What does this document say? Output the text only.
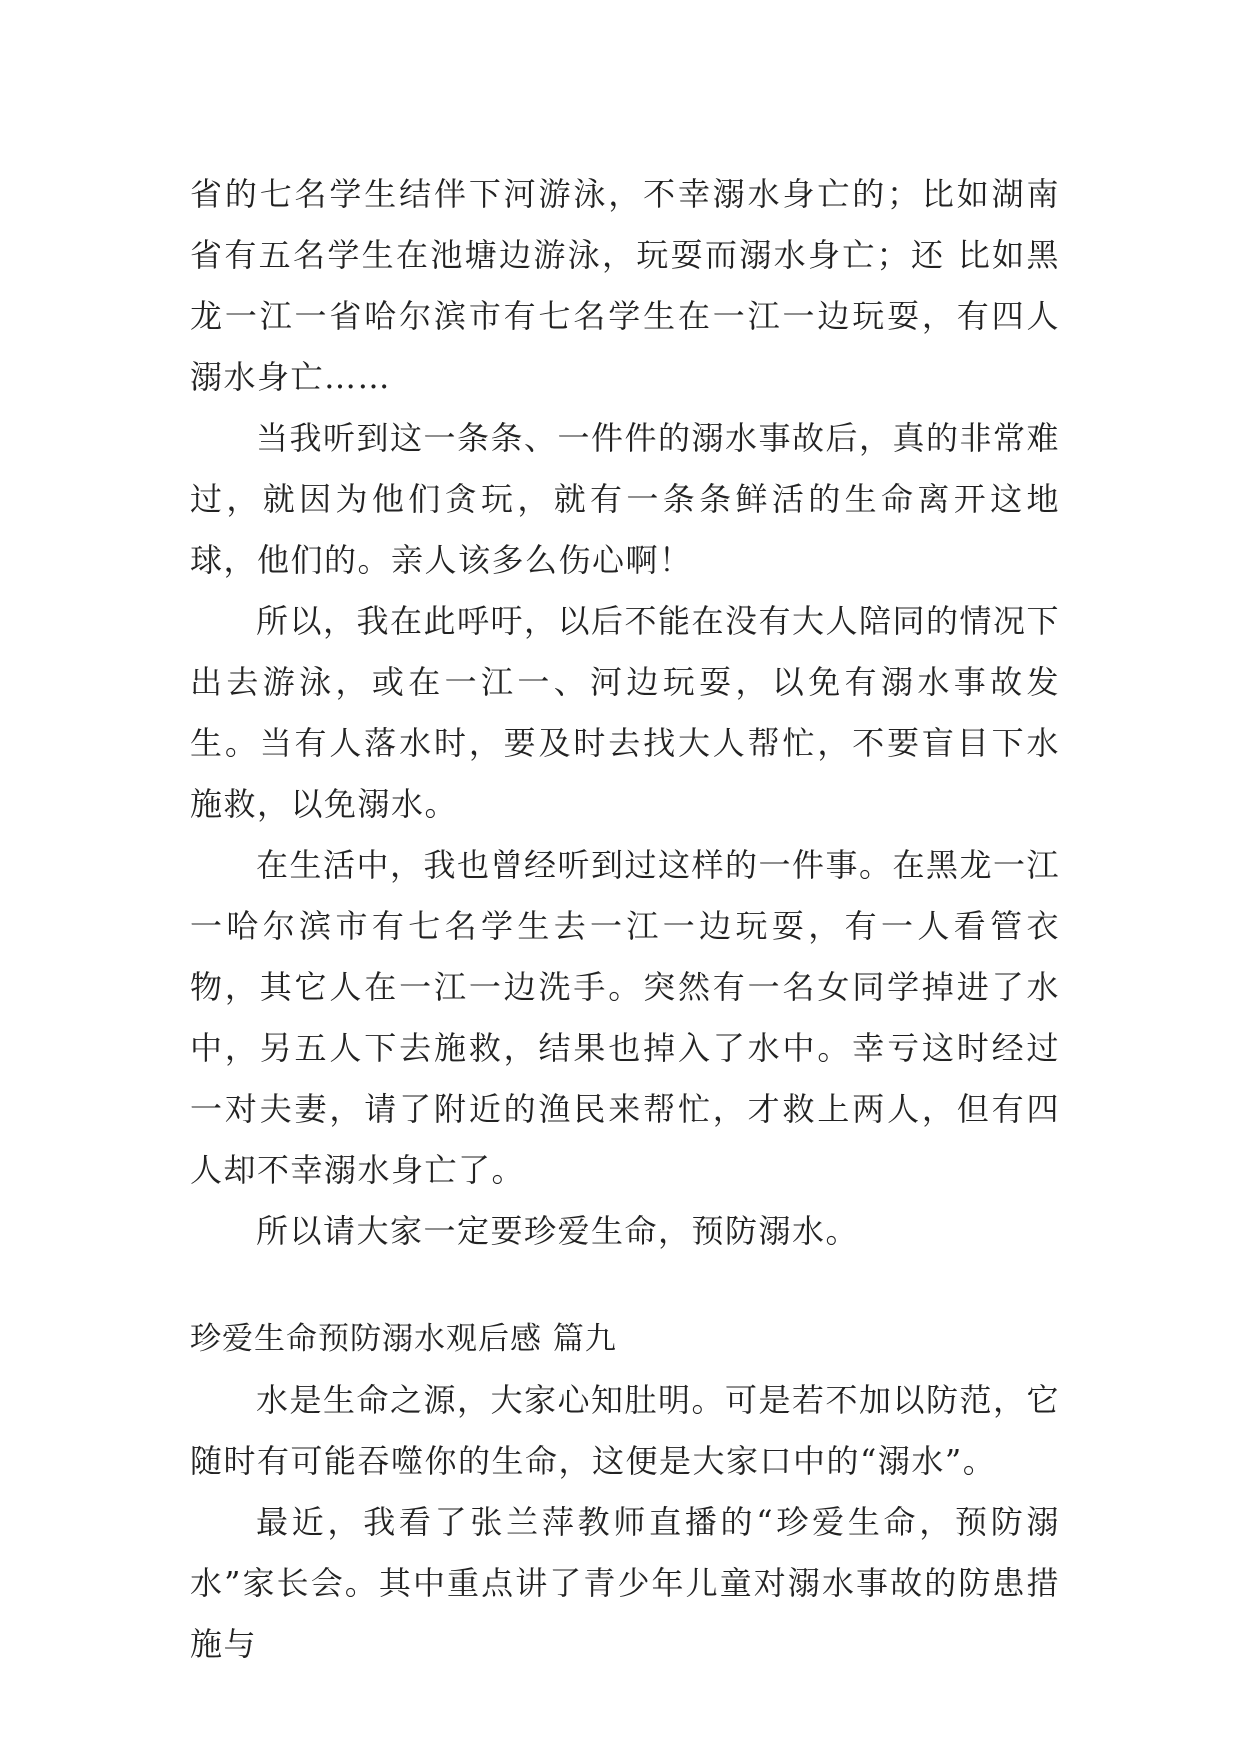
省的七名学生结伴下河游泳，不幸溺水身亡的；比如湖南省有五名学生在池塘边游泳，玩耍而溺水身亡；还 比如黑龙一江一省哈尔滨市有七名学生在一江一边玩耍，有四人溺水身亡……

当我听到这一条条、一件件的溺水事故后，真的非常难过，就因为他们贪玩，就有一条条鲜活的生命离开这地球，他们的。亲人该多么伤心啊！

所以，我在此呼吁，以后不能在没有大人陪同的情况下出去游泳，或在一江一、河边玩耍，以免有溺水事故发生。当有人落水时，要及时去找大人帮忙，不要盲目下水施救，以免溺水。

在生活中，我也曾经听到过这样的一件事。在黑龙一江一哈尔滨市有七名学生去一江一边玩耍，有一人看管衣物，其它人在一江一边洗手。突然有一名女同学掉进了水中，另五人下去施救，结果也掉入了水中。幸亏这时经过一对夫妻，请了附近的渔民来帮忙，才救上两人，但有四人却不幸溺水身亡了。

所以请大家一定要珍爱生命，预防溺水。

珍爱生命预防溺水观后感 篇九

水是生命之源，大家心知肚明。可是若不加以防范，它随时有可能吞噬你的生命，这便是大家口中的“溺水”。

最近，我看了张兰萍教师直播的“珍爱生命，预防溺水”家长会。其中重点讲了青少年儿童对溺水事故的防患措施与
